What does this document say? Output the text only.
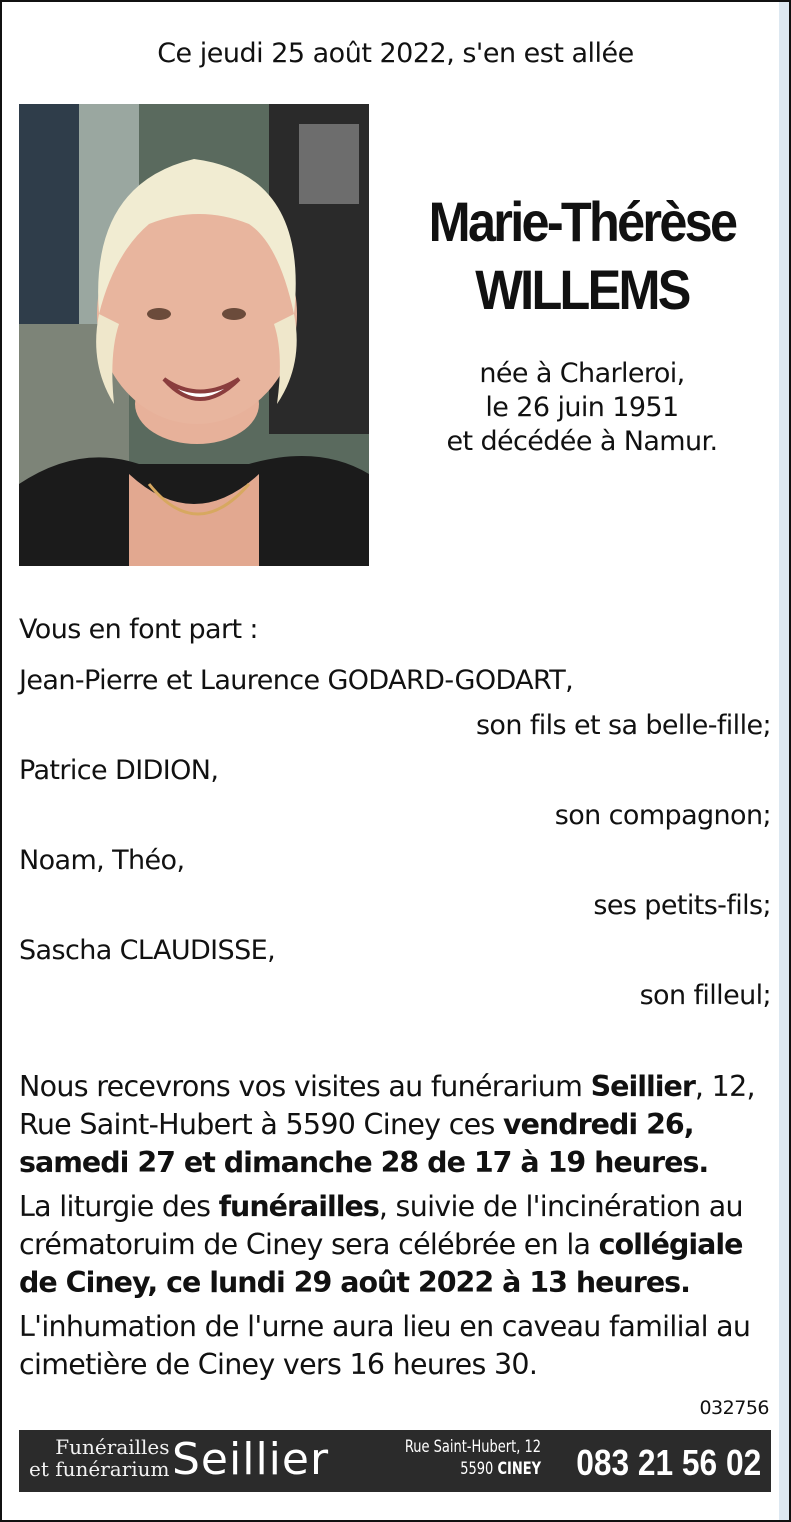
Ce jeudi 25 août 2022, s'en est allée
Marie-Thérèse
WILLEMS
née à Charleroi,
le 26 juin 1951
et décédée à Namur.
Vous en font part :
Jean-Pierre et Laurence GODARD-GODART,
son fils et sa belle-fille;
Patrice DIDION,
son compagnon;
Noam, Théo,
ses petits-fils;
Sascha CLAUDISSE,
son filleul;
Nous recevrons vos visites au funérarium Seillier, 12, Rue Saint-Hubert à 5590 Ciney ces vendredi 26, samedi 27 et dimanche 28 de 17 à 19 heures.
La liturgie des funérailles, suivie de l'incinération au crématoruim de Ciney sera célébrée en la collégiale de Ciney, ce lundi 29 août 2022 à 13 heures.
L'inhumation de l'urne aura lieu en caveau familial au cimetière de Ciney vers 16 heures 30.
032756
Funérailles
et funérarium Seillier	Rue Saint-Hubert, 12
5590 CINEY 083 21 56 02
